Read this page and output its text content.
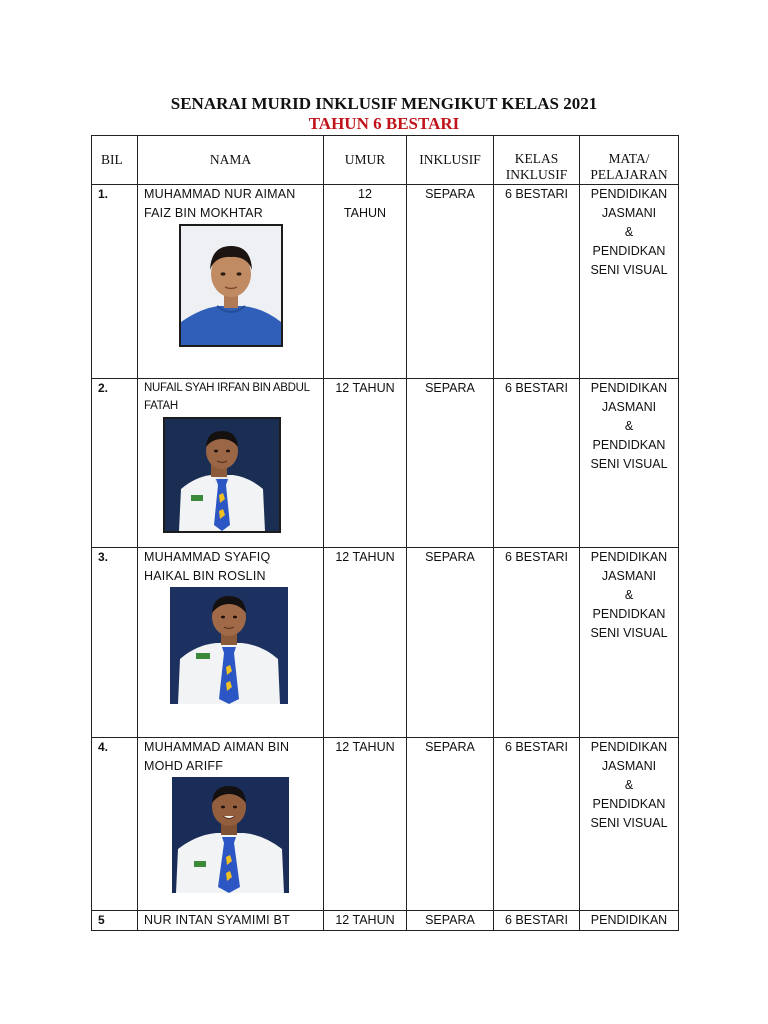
SENARAI MURID INKLUSIF MENGIKUT KELAS 2021
TAHUN 6 BESTARI
BIL	NAMA	UMUR	INKLUSIF	KELAS INKLUSIF	MATA/ PELAJARAN
1.	MUHAMMAD NUR AIMAN FAIZ BIN MOKHTAR	12 TAHUN	SEPARA	6 BESTARI	PENDIDIKAN
JASMANI
&
PENDIDKAN
SENI VISUAL

2.	NUFAIL SYAH IRFAN BIN ABDUL FATAH	12 TAHUN	SEPARA	6 BESTARI	PENDIDIKAN
JASMANI
&
PENDIDKAN
SENI VISUAL

3.	MUHAMMAD SYAFIQ HAIKAL BIN ROSLIN	12 TAHUN	SEPARA	6 BESTARI	PENDIDIKAN
JASMANI
&
PENDIDKAN
SENI VISUAL

4.	MUHAMMAD AIMAN BIN MOHD ARIFF	12 TAHUN	SEPARA	6 BESTARI	PENDIDIKAN
JASMANI
&
PENDIDKAN
SENI VISUAL

5	NUR INTAN SYAMIMI BT	12 TAHUN	SEPARA	6 BESTARI	PENDIDIKAN
